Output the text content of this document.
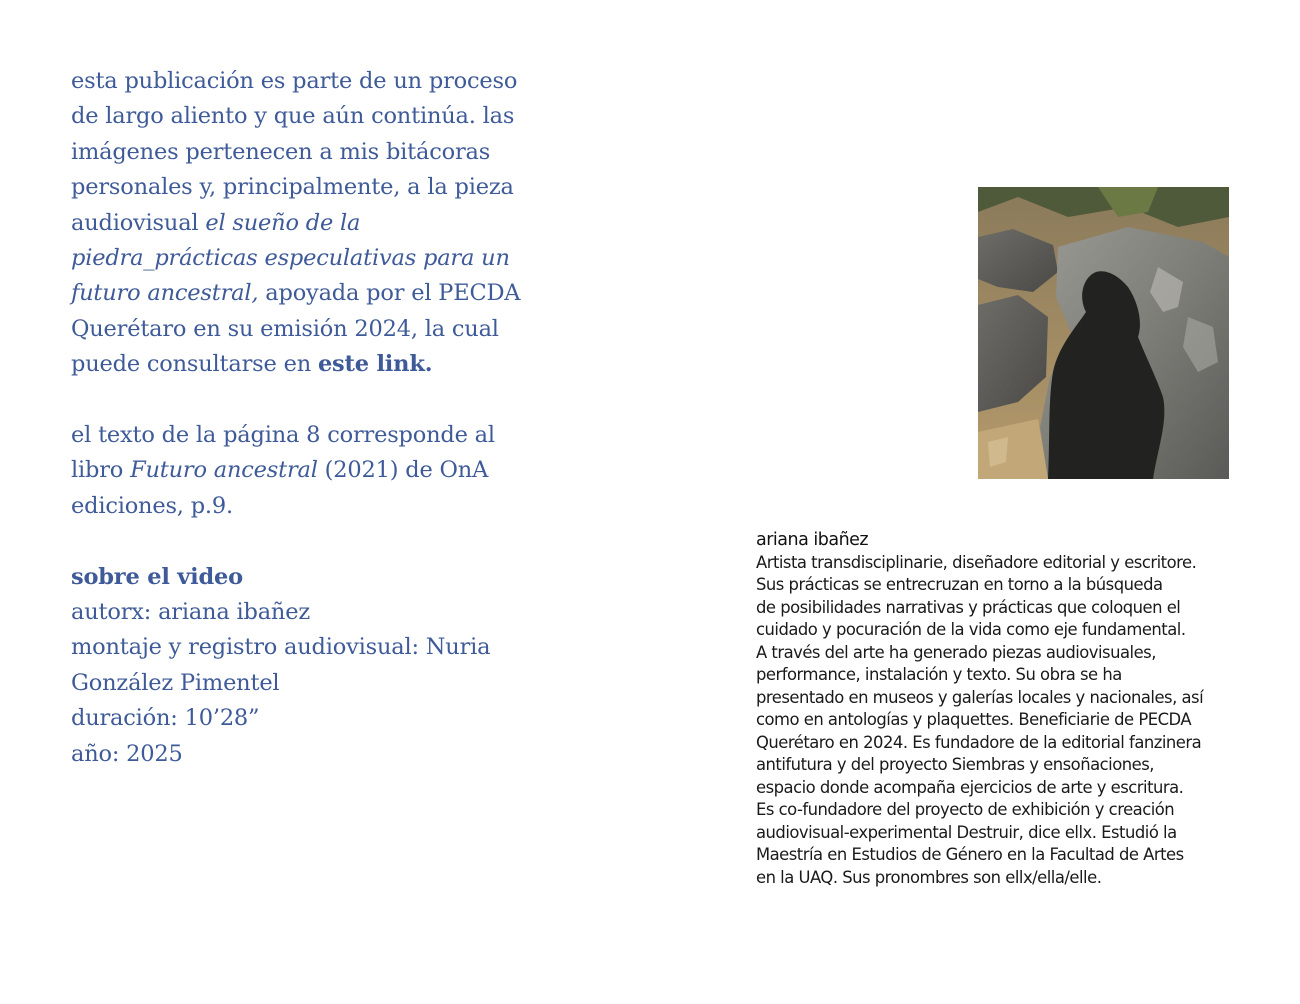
esta publicación es parte de un proceso de largo aliento y que aún continúa. las imágenes pertenecen a mis bitácoras personales y, principalmente, a la pieza audiovisual el sueño de la piedra_prácticas especulativas para un futuro ancestral, apoyada por el PECDA Querétaro en su emisión 2024, la cual puede consultarse en este link.

el texto de la página 8 corresponde al libro Futuro ancestral (2021) de OnA ediciones, p.9.

sobre el video

autorx: ariana ibañez

montaje y registro audiovisual: Nuria González Pimentel

duración: 10’28”

año: 2025

ariana ibañez
Artista transdisciplinarie, diseñadore editorial y escritore.
Sus prácticas se entrecruzan en torno a la búsqueda
de posibilidades narrativas y prácticas que coloquen el
cuidado y pocuración de la vida como eje fundamental.
A través del arte ha generado piezas audiovisuales,
performance, instalación y texto. Su obra se ha
presentado en museos y galerías locales y nacionales, así
como en antologías y plaquettes. Beneficiarie de PECDA
Querétaro en 2024. Es fundadore de la editorial fanzinera
antifutura y del proyecto Siembras y ensoñaciones,
espacio donde acompaña ejercicios de arte y escritura.
Es co-fundadore del proyecto de exhibición y creación
audiovisual-experimental Destruir, dice ellx. Estudió la
Maestría en Estudios de Género en la Facultad de Artes
en la UAQ. Sus pronombres son ellx/ella/elle.
